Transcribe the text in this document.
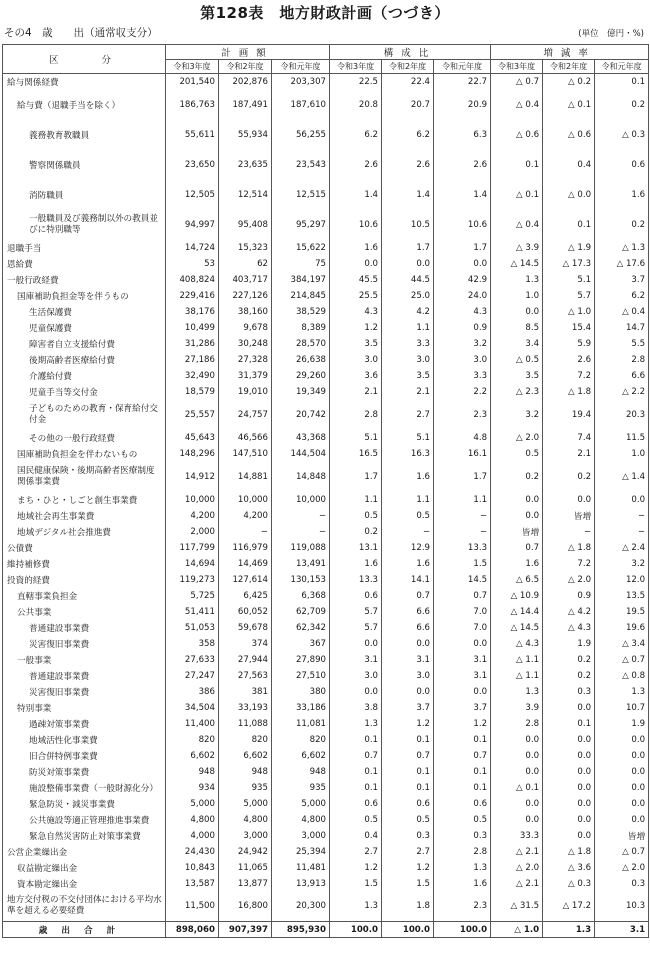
第128表　地方財政計画（つづき）
その4　歳　　出（通常収支分）	(単位　億円・%)
区　　分	計画額			構成比			増減率		
	令和3年度	令和2年度	令和元年度	令和3年度	令和2年度	令和元年度	令和3年度	令和2年度	令和元年度
給与関係経費	201,540	202,876	203,307	22.5	22.4	22.7	△ 0.7	△ 0.2	0.1
給与費（退職手当を除く）	186,763	187,491	187,610	20.8	20.7	20.9	△ 0.4	△ 0.1	0.2
義務教育教職員	55,611	55,934	56,255	6.2	6.2	6.3	△ 0.6	△ 0.6	△ 0.3
警察関係職員	23,650	23,635	23,543	2.6	2.6	2.6	0.1	0.4	0.6
消防職員	12,505	12,514	12,515	1.4	1.4	1.4	△ 0.1	△ 0.0	1.6
一般職員及び義務制以外の教員並びに特別職等	94,997	95,408	95,297	10.6	10.5	10.6	△ 0.4	0.1	0.2
退職手当	14,724	15,323	15,622	1.6	1.7	1.7	△ 3.9	△ 1.9	△ 1.3
恩給費	53	62	75	0.0	0.0	0.0	△ 14.5	△ 17.3	△ 17.6
一般行政経費	408,824	403,717	384,197	45.5	44.5	42.9	1.3	5.1	3.7
国庫補助負担金等を伴うもの	229,416	227,126	214,845	25.5	25.0	24.0	1.0	5.7	6.2
生活保護費	38,176	38,160	38,529	4.3	4.2	4.3	0.0	△ 1.0	△ 0.4
児童保護費	10,499	9,678	8,389	1.2	1.1	0.9	8.5	15.4	14.7
障害者自立支援給付費	31,286	30,248	28,570	3.5	3.3	3.2	3.4	5.9	5.5
後期高齢者医療給付費	27,186	27,328	26,638	3.0	3.0	3.0	△ 0.5	2.6	2.8
介護給付費	32,490	31,379	29,260	3.6	3.5	3.3	3.5	7.2	6.6
児童手当等交付金	18,579	19,010	19,349	2.1	2.1	2.2	△ 2.3	△ 1.8	△ 2.2
子どものための教育・保育給付交付金	25,557	24,757	20,742	2.8	2.7	2.3	3.2	19.4	20.3
その他の一般行政経費	45,643	46,566	43,368	5.1	5.1	4.8	△ 2.0	7.4	11.5
国庫補助負担金を伴わないもの	148,296	147,510	144,504	16.5	16.3	16.1	0.5	2.1	1.0
国民健康保険・後期高齢者医療制度関係事業費	14,912	14,881	14,848	1.7	1.6	1.7	0.2	0.2	△ 1.4
まち・ひと・しごと創生事業費	10,000	10,000	10,000	1.1	1.1	1.1	0.0	0.0	0.0
地域社会再生事業費	4,200	4,200	−	0.5	0.5	−	0.0	皆増	−
地域デジタル社会推進費	2,000	−	−	0.2	−	−	皆増	−	−
公債費	117,799	116,979	119,088	13.1	12.9	13.3	0.7	△ 1.8	△ 2.4
維持補修費	14,694	14,469	13,491	1.6	1.6	1.5	1.6	7.2	3.2
投資的経費	119,273	127,614	130,153	13.3	14.1	14.5	△ 6.5	△ 2.0	12.0
直轄事業負担金	5,725	6,425	6,368	0.6	0.7	0.7	△ 10.9	0.9	13.5
公共事業	51,411	60,052	62,709	5.7	6.6	7.0	△ 14.4	△ 4.2	19.5
普通建設事業費	51,053	59,678	62,342	5.7	6.6	7.0	△ 14.5	△ 4.3	19.6
災害復旧事業費	358	374	367	0.0	0.0	0.0	△ 4.3	1.9	△ 3.4
一般事業	27,633	27,944	27,890	3.1	3.1	3.1	△ 1.1	0.2	△ 0.7
普通建設事業費	27,247	27,563	27,510	3.0	3.0	3.1	△ 1.1	0.2	△ 0.8
災害復旧事業費	386	381	380	0.0	0.0	0.0	1.3	0.3	1.3
特別事業	34,504	33,193	33,186	3.8	3.7	3.7	3.9	0.0	10.7
過疎対策事業費	11,400	11,088	11,081	1.3	1.2	1.2	2.8	0.1	1.9
地域活性化事業費	820	820	820	0.1	0.1	0.1	0.0	0.0	0.0
旧合併特例事業費	6,602	6,602	6,602	0.7	0.7	0.7	0.0	0.0	0.0
防災対策事業費	948	948	948	0.1	0.1	0.1	0.0	0.0	0.0
施設整備事業費（一般財源化分）	934	935	935	0.1	0.1	0.1	△ 0.1	0.0	0.0
緊急防災・減災事業費	5,000	5,000	5,000	0.6	0.6	0.6	0.0	0.0	0.0
公共施設等適正管理推進事業費	4,800	4,800	4,800	0.5	0.5	0.5	0.0	0.0	0.0
緊急自然災害防止対策事業費	4,000	3,000	3,000	0.4	0.3	0.3	33.3	0.0	皆増
公営企業繰出金	24,430	24,942	25,394	2.7	2.7	2.8	△ 2.1	△ 1.8	△ 0.7
収益勘定繰出金	10,843	11,065	11,481	1.2	1.2	1.3	△ 2.0	△ 3.6	△ 2.0
資本勘定繰出金	13,587	13,877	13,913	1.5	1.5	1.6	△ 2.1	△ 0.3	0.3
地方交付税の不交付団体における平均水準を超える必要経費	11,500	16,800	20,300	1.3	1.8	2.3	△ 31.5	△ 17.2	10.3
歳出合計	898,060	907,397	895,930	100.0	100.0	100.0	△ 1.0	1.3	3.1
